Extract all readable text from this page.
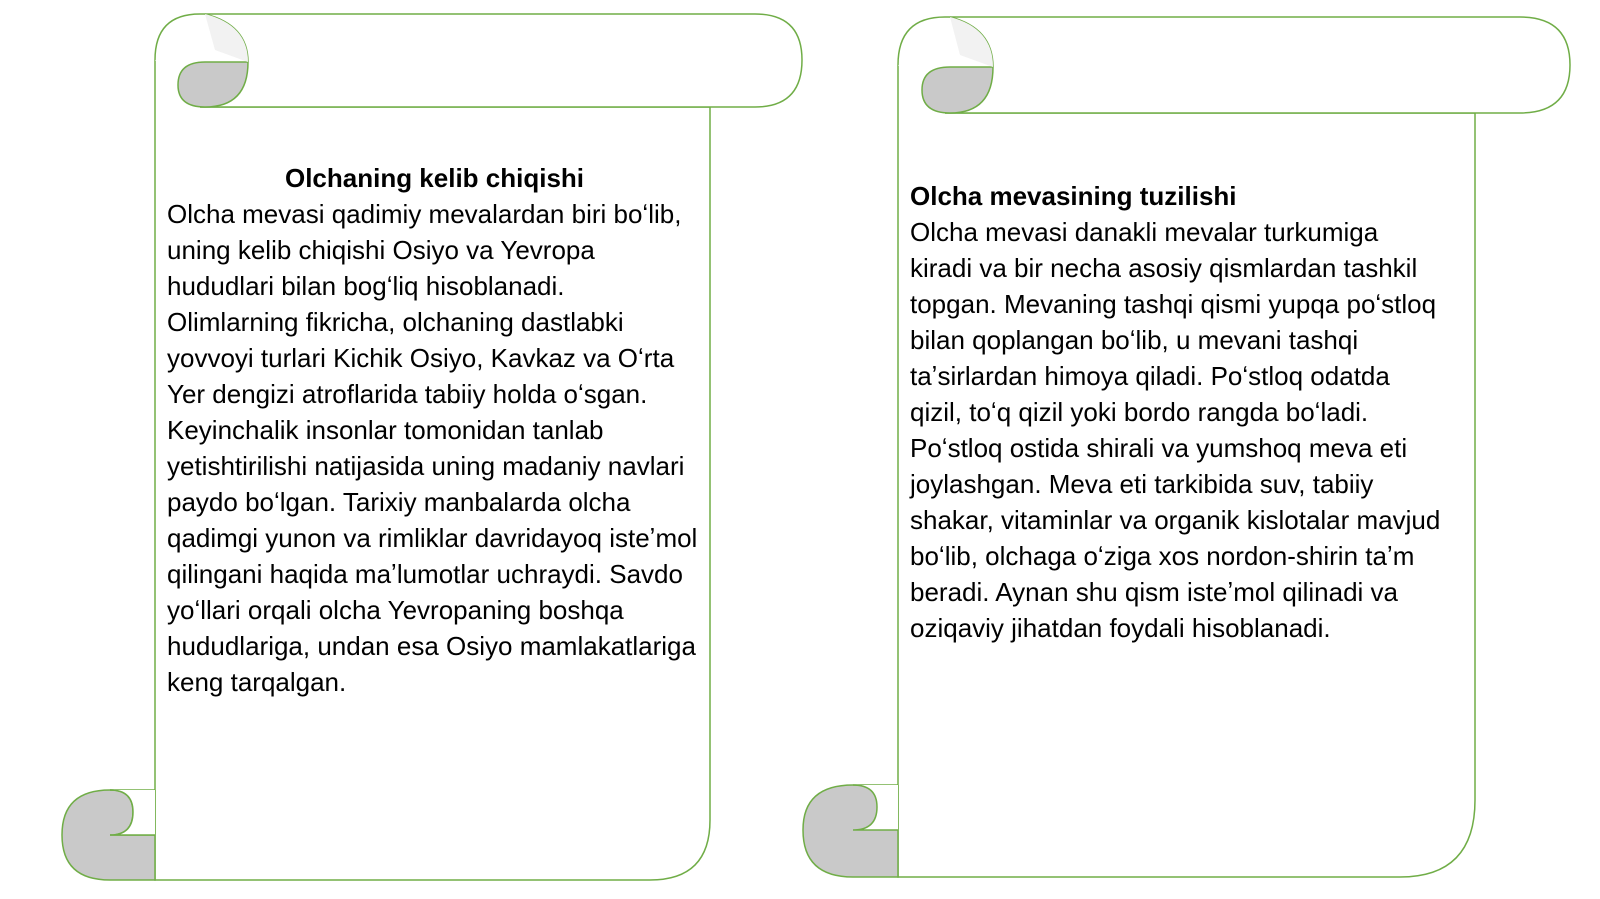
Olchaning kelib chiqishi

Olcha mevasi qadimiy mevalardan biri boʻlib, uning kelib chiqishi Osiyo va Yevropa hududlari bilan bogʻliq hisoblanadi. Olimlarning fikricha, olchaning dastlabki yovvoyi turlari Kichik Osiyo, Kavkaz va Oʻrta Yer dengizi atroflarida tabiiy holda oʻsgan. Keyinchalik insonlar tomonidan tanlab yetishtirilishi natijasida uning madaniy navlari paydo boʻlgan. Tarixiy manbalarda olcha qadimgi yunon va rimliklar davridayoq isteʼmol qilingani haqida maʼlumotlar uchraydi. Savdo yoʻllari orqali olcha Yevropaning boshqa hududlariga, undan esa Osiyo mamlakatlariga keng tarqalgan.

Olcha mevasining tuzilishi

Olcha mevasi danakli mevalar turkumiga kiradi va bir necha asosiy qismlardan tashkil topgan. Mevaning tashqi qismi yupqa poʻstloq bilan qoplangan boʻlib, u mevani tashqi taʼsirlardan himoya qiladi. Poʻstloq odatda qizil, toʻq qizil yoki bordo rangda boʻladi.

Poʻstloq ostida shirali va yumshoq meva eti joylashgan. Meva eti tarkibida suv, tabiiy shakar, vitaminlar va organik kislotalar mavjud boʻlib, olchaga oʻziga xos nordon-shirin taʼm beradi. Aynan shu qism isteʼmol qilinadi va oziqaviy jihatdan foydali hisoblanadi.
